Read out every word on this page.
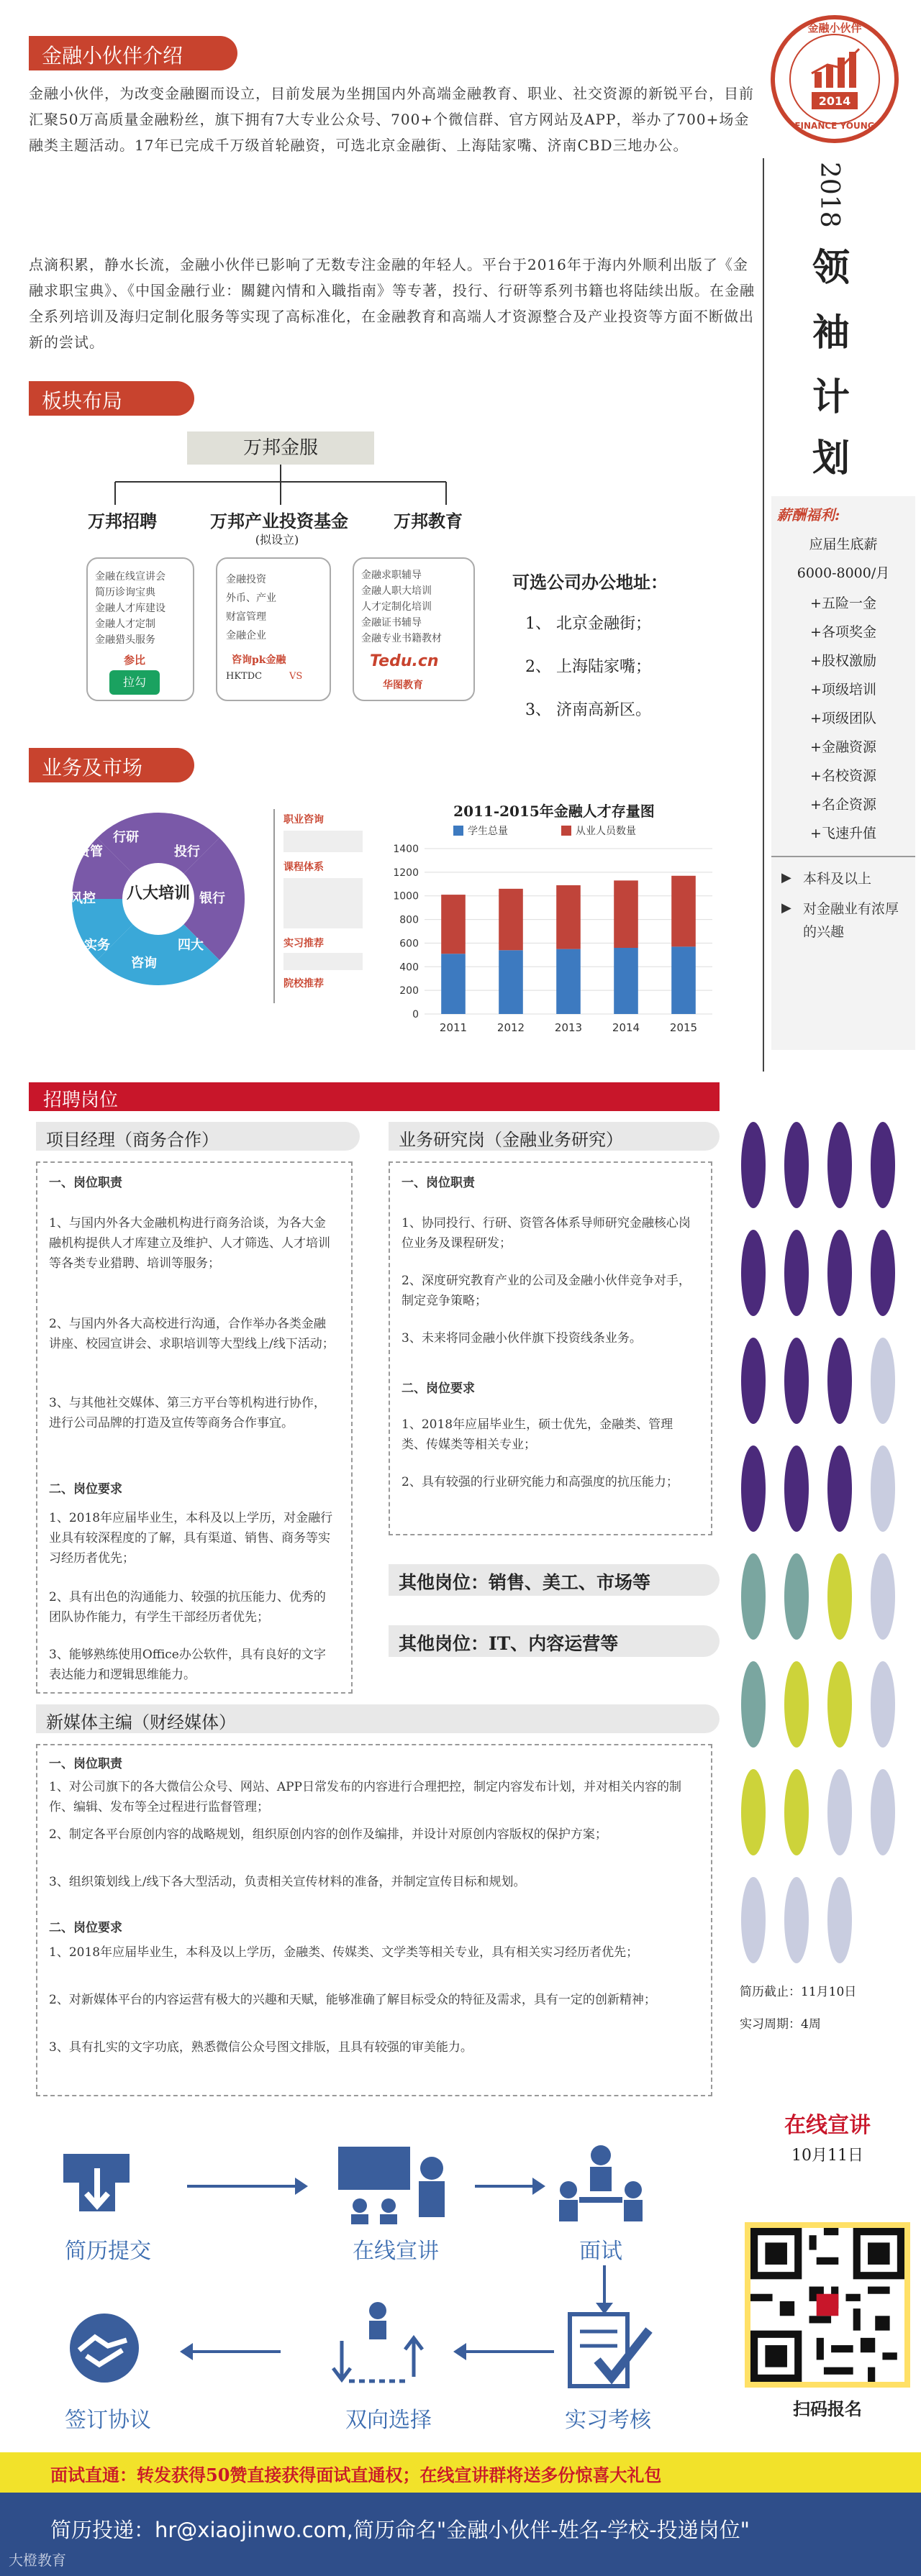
金融小伙伴介绍
金融小伙伴，为改变金融圈而设立，目前发展为坐拥国内外高端金融教育、职业、社交资源的新锐平台，目前汇聚50万高质量金融粉丝，旗下拥有7大专业公众号、700+个微信群、官方网站及APP，举办了700+场金融类主题活动。17年已完成千万级首轮融资，可选北京金融街、上海陆家嘴、济南CBD三地办公。
点滴积累，静水长流，金融小伙伴已影响了无数专注金融的年轻人。平台于2016年于海内外顺利出版了《金融求职宝典》、《中国金融行业：關鍵內情和入職指南》等专著，投行、行研等系列书籍也将陆续出版。在金融全系列培训及海归定制化服务等实现了高标准化，在金融教育和高端人才资源整合及产业投资等方面不断做出新的尝试。
金融小伙伴
2014
FINANCE YOUNG
2018
领
袖
计
划
薪酬福利:
应届生底薪
6000-8000/月
+五险一金
+各项奖金
+股权激励
+项级培训
+项级团队
+金融资源
+名校资源
+名企资源
+飞速升值
▶ 本科及以上
▶ 对金融业有浓厚的兴趣
板块布局
万邦金服
万邦招聘	万邦产业投资基金
(拟设立)
万邦教育
金融在线宣讲会
简历诊询宝典
金融人才库建设
金融人才定制
金融猎头服务
参比
拉勾
金融投资
外币、产业
财富管理
金融企业
咨询pk金融
HKTDC	VS
金融求职辅导
金融人职大培训
人才定制化培训
金融证书辅导
金融专业书籍教材
Tedu.cn
华图教育
可选公司办公地址：
1、 北京金融街；
2、 上海陆家嘴；
3、 济南高新区。
业务及市场
八大培训
行研
投行
银行
四大
咨询
实务
风控
资管
职业咨询
课程体系
实习推荐
院校推荐
2011-2015年金融人才存量图
0
200
400
600
800
1000
1200
1400
学生总量	从业人员数量
2011	2012	2013	2014	2015
招聘岗位
项目经理（商务合作）
一、岗位职责
1、与国内外各大金融机构进行商务洽谈，为各大金融机构提供人才库建立及维护、人才筛选、人才培训等各类专业猎聘、培训等服务；
2、与国内外各大高校进行沟通，合作举办各类金融讲座、校园宣讲会、求职培训等大型线上/线下活动；
3、与其他社交媒体、第三方平台等机构进行协作，进行公司品牌的打造及宣传等商务合作事宜。
二、岗位要求
1、2018年应届毕业生，本科及以上学历，对金融行业具有较深程度的了解，具有渠道、销售、商务等实习经历者优先；
2、具有出色的沟通能力、较强的抗压能力、优秀的团队协作能力，有学生干部经历者优先；
3、能够熟练使用Office办公软件，具有良好的文字表达能力和逻辑思维能力。
业务研究岗（金融业务研究）
一、岗位职责
1、协同投行、行研、资管各体系导师研究金融核心岗位业务及课程研发；
2、深度研究教育产业的公司及金融小伙伴竞争对手，制定竞争策略；
3、未来将同金融小伙伴旗下投资线条业务。
二、岗位要求
1、2018年应届毕业生，硕士优先，金融类、管理类、传媒类等相关专业；
2、具有较强的行业研究能力和高强度的抗压能力；
其他岗位：销售、美工、市场等
其他岗位：IT、内容运营等
新媒体主编（财经媒体）
一、岗位职责
1、对公司旗下的各大微信公众号、网站、APP日常发布的内容进行合理把控，制定内容发布计划，并对相关内容的制作、编辑、发布等全过程进行监督管理；
2、制定各平台原创内容的战略规划，组织原创内容的创作及编排，并设计对原创内容版权的保护方案；
3、组织策划线上/线下各大型活动，负责相关宣传材料的准备，并制定宣传目标和规划。
二、岗位要求
1、2018年应届毕业生，本科及以上学历，金融类、传媒类、文学类等相关专业，具有相关实习经历者优先；
2、对新媒体平台的内容运营有极大的兴趣和天赋，能够准确了解目标受众的特征及需求，具有一定的创新精神；
3、具有扎实的文字功底，熟悉微信公众号图文排版，且具有较强的审美能力。
简历截止：11月10日
实习周期：4周
简历提交	在线宣讲	面试
在线宣讲
10月11日
扫码报名
签订协议	双向选择	实习考核
面试直通：转发获得50赞直接获得面试直通权；在线宣讲群将送多份惊喜大礼包
简历投递：hr@xiaojinwo.com,简历命名"金融小伙伴-姓名-学校-投递岗位"
大橙教育
